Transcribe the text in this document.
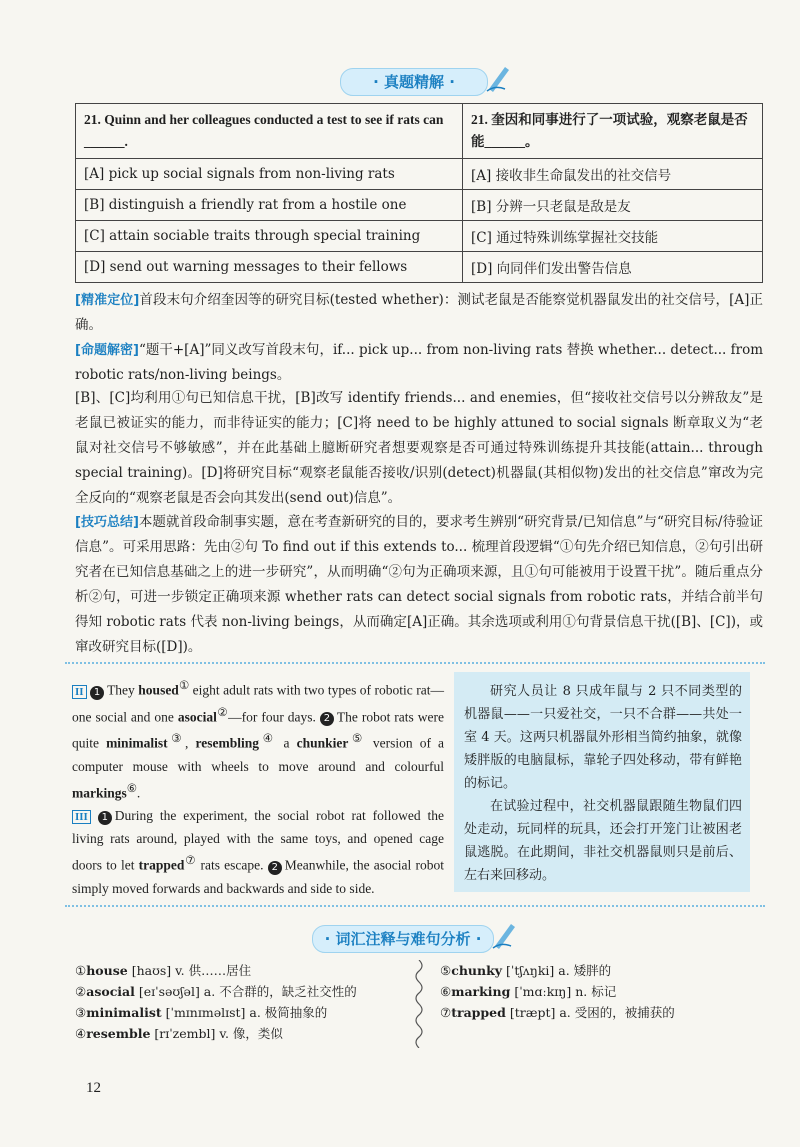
· 真题精解 ·
21. Quinn and her colleagues conducted a test to see if rats can ______.	21. 奎因和同事进行了一项试验，观察老鼠是否能______。
[A] pick up social signals from non-living rats	[A] 接收非生命鼠发出的社交信号
[B] distinguish a friendly rat from a hostile one	[B] 分辨一只老鼠是敌是友
[C] attain sociable traits through special training	[C] 通过特殊训练掌握社交技能
[D] send out warning messages to their fellows	[D] 向同伴们发出警告信息
[精准定位]首段末句介绍奎因等的研究目标(tested whether)：测试老鼠是否能察觉机器鼠发出的社交信号，[A]正确。
[命题解密]“题干+[A]”同义改写首段末句，if... pick up... from non-living rats 替换 whether... detect... from robotic rats/non-living beings。
[B]、[C]均利用①句已知信息干扰，[B]改写 identify friends... and enemies，但“接收社交信号以分辨敌友”是老鼠已被证实的能力，而非待证实的能力；[C]将 need to be highly attuned to social signals 断章取义为“老鼠对社交信号不够敏感”，并在此基础上臆断研究者想要观察是否可通过特殊训练提升其技能(attain... through special training)。[D]将研究目标“观察老鼠能否接收/识别(detect)机器鼠(其相似物)发出的社交信息”窜改为完全反向的“观察老鼠是否会向其发出(send out)信息”。
[技巧总结]本题就首段命制事实题，意在考查新研究的目的，要求考生辨别“研究背景/已知信息”与“研究目标/待验证信息”。可采用思路：先由②句 To find out if this extends to... 梳理首段逻辑“①句先介绍已知信息，②句引出研究者在已知信息基础之上的进一步研究”，从而明确“②句为正确项来源，且①句可能被用于设置干扰”。随后重点分析②句，可进一步锁定正确项来源 whether rats can detect social signals from robotic rats，并结合前半句得知 robotic rats 代表 non-living beings，从而确定[A]正确。其余选项或利用①句背景信息干扰([B]、[C])，或窜改研究目标([D])。
II 1 They housed① eight adult rats with two types of robotic rat—one social and one asocial②—for four days. 2 The robot rats were quite minimalist③, resembling④ a chunkier⑤ version of a computer mouse with wheels to move around and colourful markings⑥.
III 1 During the experiment, the social robot rat followed the living rats around, played with the same toys, and opened cage doors to let trapped⑦ rats escape. 2 Meanwhile, the asocial robot simply moved forwards and backwards and side to side.
研究人员让 8 只成年鼠与 2 只不同类型的机器鼠——一只爱社交，一只不合群——共处一室 4 天。这两只机器鼠外形相当简约抽象，就像矮胖版的电脑鼠标，靠轮子四处移动，带有鲜艳的标记。
在试验过程中，社交机器鼠跟随生物鼠们四处走动，玩同样的玩具，还会打开笼门让被困老鼠逃脱。在此期间，非社交机器鼠则只是前后、左右来回移动。
· 词汇注释与难句分析 ·
①house [haʊs] v. 供……居住
②asocial [eɪˈsəʊʃəl] a. 不合群的，缺乏社交性的
③minimalist [ˈmɪnɪməlɪst] a. 极简抽象的
④resemble [rɪˈzembl] v. 像，类似
⑤chunky [ˈtʃʌŋki] a. 矮胖的
⑥marking [ˈmɑːkɪŋ] n. 标记
⑦trapped [træpt] a. 受困的，被捕获的
12
